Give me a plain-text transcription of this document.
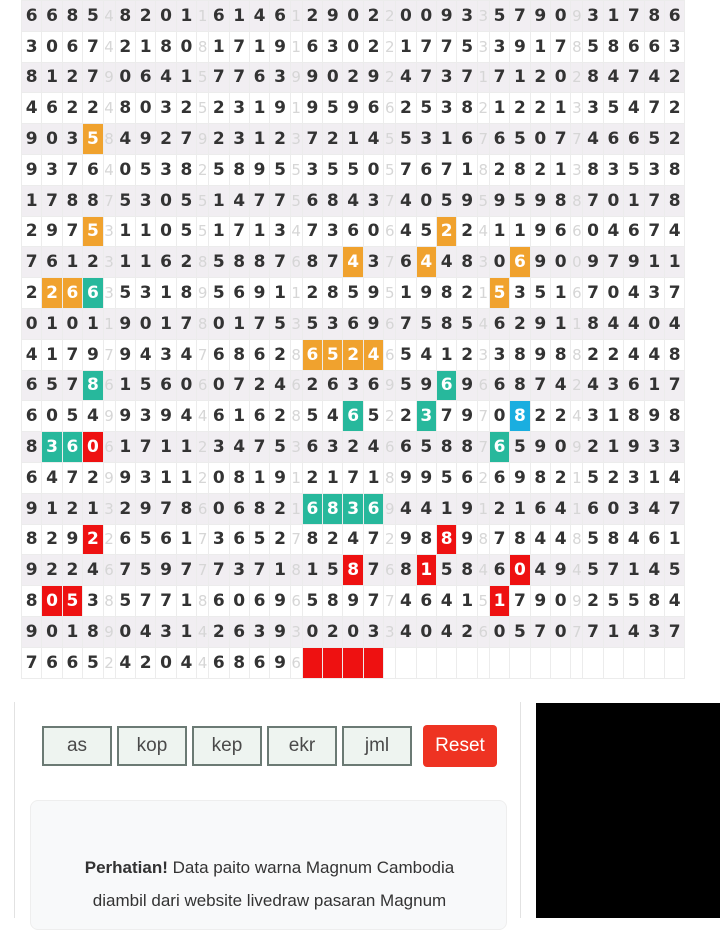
6	6	8	5	4	8	2	0	1	1	6	1	4	6	1	2	9	0	2	2	0	0	9	3	3	5	7	9	0	9	3	1	7	8	6
3	0	6	7	4	2	1	8	0	8	1	7	1	9	1	6	3	0	2	2	1	7	7	5	3	3	9	1	7	8	5	8	6	6	3
8	1	2	7	9	0	6	4	1	5	7	7	6	3	9	9	0	2	9	2	4	7	3	7	1	7	1	2	0	2	8	4	7	4	2
4	6	2	2	4	8	0	3	2	5	2	3	1	9	1	9	5	9	6	6	2	5	3	8	2	1	2	2	1	3	3	5	4	7	2
9	0	3	5	8	4	9	2	7	9	2	3	1	2	3	7	2	1	4	5	5	3	1	6	7	6	5	0	7	7	4	6	6	5	2
9	3	7	6	4	0	5	3	8	2	5	8	9	5	5	3	5	5	0	5	7	6	7	1	8	2	8	2	1	3	8	3	5	3	8
1	7	8	8	7	5	3	0	5	5	1	4	7	7	5	6	8	4	3	7	4	0	5	9	5	9	5	9	8	8	7	0	1	7	8
2	9	7	5	3	1	1	0	5	5	1	7	1	3	4	7	3	6	0	6	4	5	2	2	4	1	1	9	6	6	0	4	6	7	4
7	6	1	2	3	1	1	6	2	8	5	8	8	7	6	8	7	4	3	7	6	4	4	8	3	0	6	9	0	0	9	7	9	1	1
2	2	6	6	3	5	3	1	8	9	5	6	9	1	1	2	8	5	9	5	1	9	8	2	1	5	3	5	1	6	7	0	4	3	7
0	1	0	1	1	9	0	1	7	8	0	1	7	5	3	5	3	6	9	6	7	5	8	5	4	6	2	9	1	1	8	4	4	0	4
4	1	7	9	7	9	4	3	4	7	6	8	6	2	8	6	5	2	4	6	5	4	1	2	3	3	8	9	8	8	2	2	4	4	8
6	5	7	8	6	1	5	6	0	6	0	7	2	4	6	2	6	3	6	9	5	9	6	9	6	6	8	7	4	2	4	3	6	1	7
6	0	5	4	9	9	3	9	4	4	6	1	6	2	8	5	4	6	5	2	2	3	7	9	7	0	8	2	2	4	3	1	8	9	8
8	3	6	0	6	1	7	1	1	2	3	4	7	5	3	6	3	2	4	6	6	5	8	8	7	6	5	9	0	9	2	1	9	3	3
6	4	7	2	9	9	3	1	1	2	0	8	1	9	1	2	1	7	1	8	9	9	5	6	2	6	9	8	2	1	5	2	3	1	4
9	1	2	1	3	2	9	7	8	6	0	6	8	2	1	6	8	3	6	9	4	4	1	9	1	2	1	6	4	1	6	0	3	4	7
8	2	9	2	2	6	5	6	1	7	3	6	5	2	7	8	2	4	7	2	9	8	8	9	8	7	8	4	4	8	5	8	4	6	1
9	2	2	4	6	7	5	9	7	7	7	3	7	1	8	1	5	8	7	6	8	1	5	8	4	6	0	4	9	4	5	7	1	4	5
8	0	5	3	8	5	7	7	1	8	6	0	6	9	6	5	8	9	7	7	4	6	4	1	5	1	7	9	0	9	2	5	5	8	4
9	0	1	8	9	0	4	3	1	4	2	6	3	9	3	0	2	0	3	3	4	0	4	2	6	0	5	7	0	7	7	1	4	3	7
7	6	6	5	2	4	2	0	4	4	6	8	6	9	6																				
as	kop	kep	ekr	jml	Reset
Perhatian! Data paito warna Magnum Cambodia
diambil dari website livedraw pasaran Magnum
